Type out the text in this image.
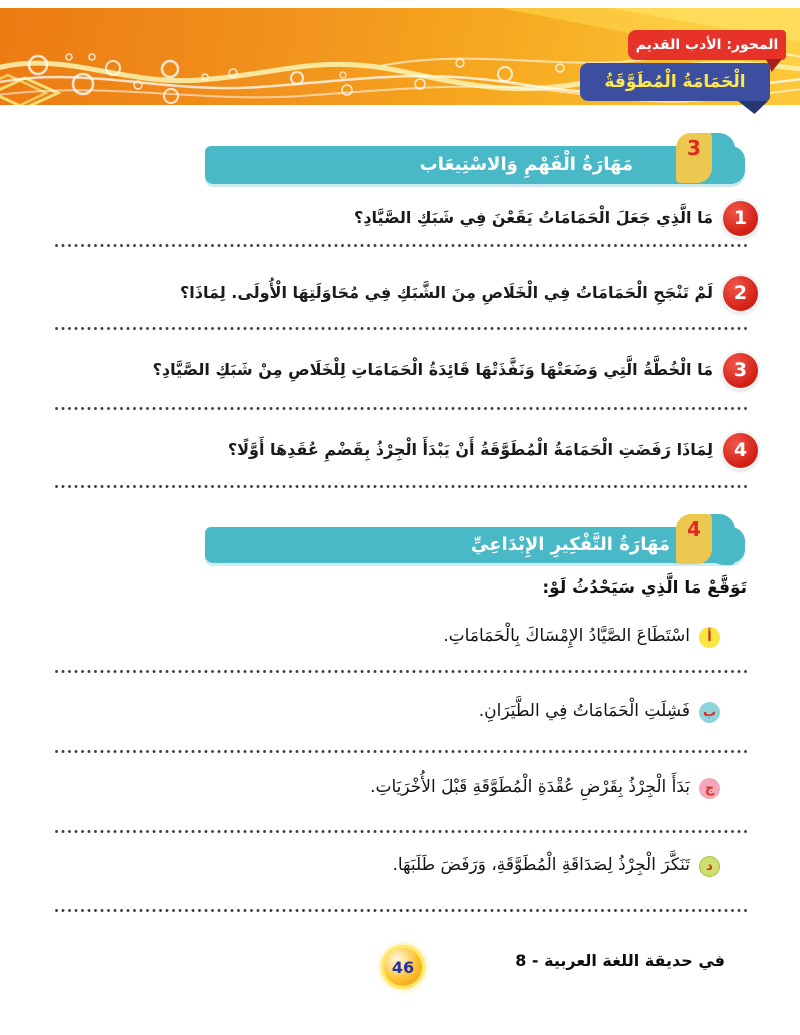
المحور: الأدب القديم
الْحَمَامَةُ الْمُطَوَّقَةُ
3
مَهَارَةُ الْفَهْمِ وَالاسْتِيعَاب
1
مَا الَّذِي جَعَلَ الْحَمَامَاتُ يَقَعْنَ فِي شَبَكِ الصَّيَّادِ؟
2
لَمْ تَنْجَحِ الْحَمَامَاتُ فِي الْخَلَاصِ مِنَ الشَّبَكِ فِي مُحَاوَلَتِهَا الْأُولَى. لِمَاذَا؟
3
مَا الْخُطَّةُ الَّتِي وَضَعَتْهَا وَنَفَّذَتْهَا قَائِدَةُ الْحَمَامَاتِ لِلْخَلَاصِ مِنْ شَبَكِ الصَّيَّادِ؟
4
لِمَاذَا رَفَضَتِ الْحَمَامَةُ الْمُطَوَّقَةُ أَنْ يَبْدَأَ الْجِرْذُ بِقَضْمِ عُقَدِهَا أَوَّلًا؟
4
مَهَارَةُ التَّفْكِيرِ الإِبْدَاعِيِّ
تَوَقَّعْ مَا الَّذِي سَيَحْدُثُ لَوْ:
أ
اسْتَطَاعَ الصَّيَّادُ الإِمْسَاكَ بِالْحَمَامَاتِ.
ب
فَشِلَتِ الْحَمَامَاتُ فِي الطَّيَرَانِ.
ج
بَدَأَ الْجِرْذُ بِقَرْضِ عُقْدَةِ الْمُطَوَّقَةِ قَبْلَ الأُخْرَيَاتِ.
د
تَنَكَّرَ الْجِرْذُ لِصَدَاقَةِ الْمُطَوَّقَةِ، وَرَفَضَ طَلَبَهَا.
46	في حديقة اللغة العربية - 8
